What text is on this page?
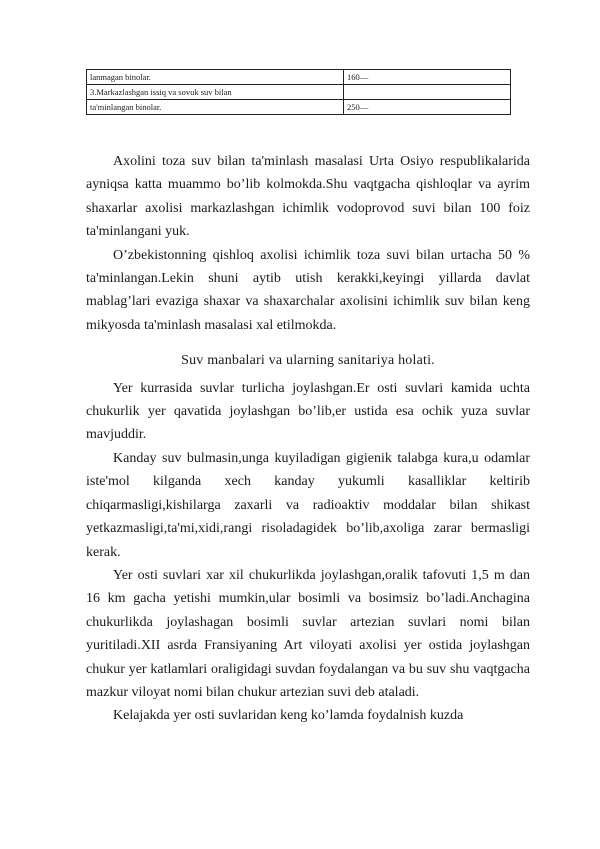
lanmagan binolar.	160—
3.Markazlashgan issiq va sovuk suv bilan	
ta'minlangan binolar.	250—

Axolini toza suv bilan ta'minlash masalasi Urta Osiyo respublikalarida ayniqsa katta muammo bo’lib kolmokda.Shu vaqtgacha qishloqlar va ayrim shaxarlar axolisi markazlashgan ichimlik vodoprovod suvi bilan 100 foiz ta'minlangani yuk.

O’zbekistonning qishloq axolisi ichimlik toza suvi bilan urtacha 50 % ta'minlangan.Lekin shuni aytib utish kerakki,keyingi yillarda davlat mablag’lari evaziga shaxar va shaxarchalar axolisini ichimlik suv bilan keng mikyosda ta'minlash masalasi xal etilmokda.

Suv manbalari va ularning sanitariya holati.

Yer kurrasida suvlar turlicha joylashgan.Er osti suvlari kamida uchta chukurlik yer qavatida joylashgan bo’lib,er ustida esa ochik yuza suvlar mavjuddir.

Kanday suv bulmasin,unga kuyiladigan gigienik talabga kura,u odamlar iste'mol kilganda xech kanday yukumli kasalliklar keltirib chiqarmasligi,kishilarga zaxarli va radioaktiv moddalar bilan shikast yetkazmasligi,ta'mi,xidi,rangi risoladagidek bo’lib,axoliga zarar bermasligi kerak.

Yer osti suvlari xar xil chukurlikda joylashgan,oralik tafovuti 1,5 m dan 16 km gacha yetishi mumkin,ular bosimli va bosimsiz bo’ladi.Anchagina chukurlikda joylashagan bosimli suvlar artezian suvlari nomi bilan yuritiladi.XII asrda Fransiyaning Art viloyati axolisi yer ostida joylashgan chukur yer katlamlari oraligidagi suvdan foydalangan va bu suv shu vaqtgacha mazkur viloyat nomi bilan chukur artezian suvi deb ataladi.

Kelajakda yer osti suvlaridan keng ko’lamda foydalnish kuzda
